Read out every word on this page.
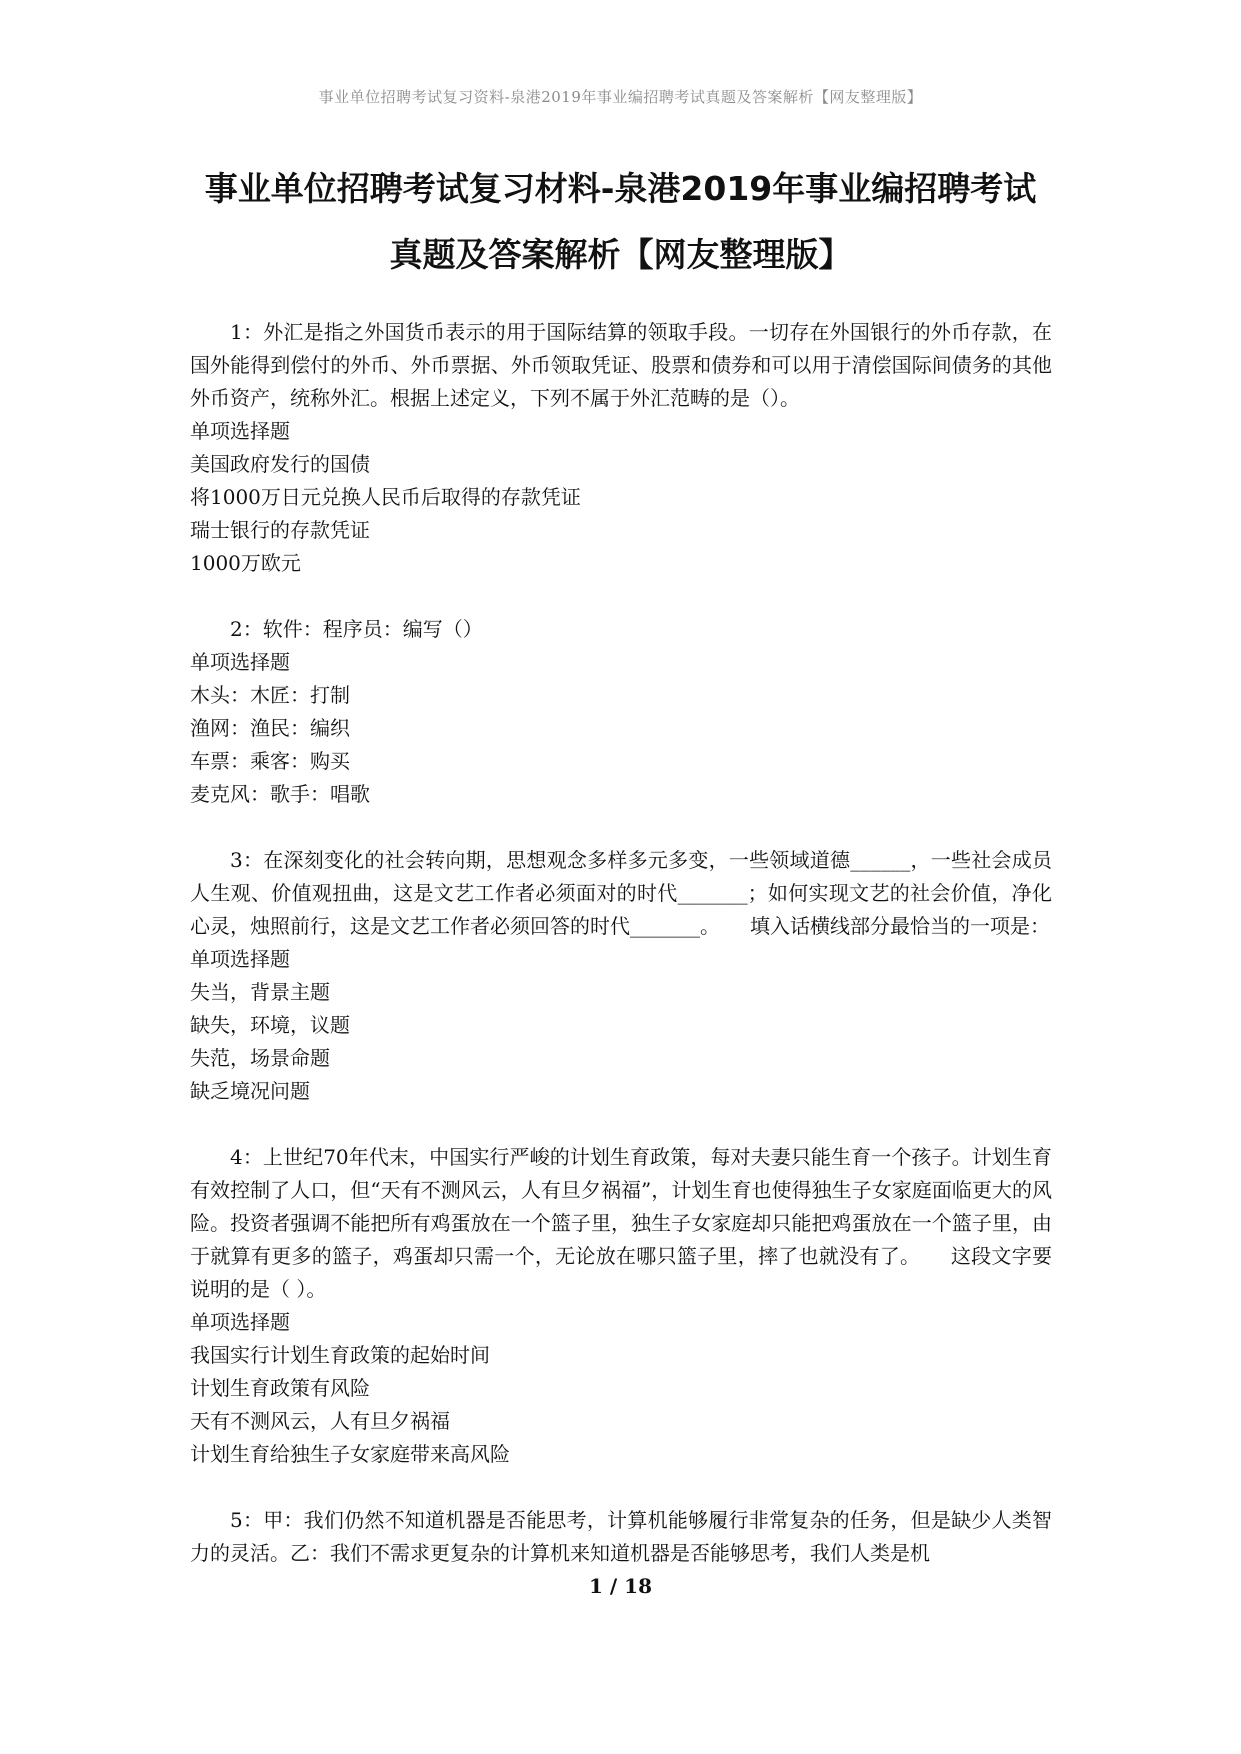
事业单位招聘考试复习资料-泉港2019年事业编招聘考试真题及答案解析【网友整理版】
事业单位招聘考试复习材料-泉港2019年事业编招聘考试
真题及答案解析【网友整理版】

1：外汇是指之外国货币表示的用于国际结算的领取手段。一切存在外国银行的外币存款，在国外能得到偿付的外币、外币票据、外币领取凭证、股票和债券和可以用于清偿国际间债务的其他外币资产，统称外汇。根据上述定义，下列不属于外汇范畴的是（）。

单项选择题

美国政府发行的国债

将1000万日元兑换人民币后取得的存款凭证

瑞士银行的存款凭证

1000万欧元

2：软件：程序员：编写（）

单项选择题

木头：木匠：打制

渔网：渔民：编织

车票：乘客：购买

麦克风：歌手：唱歌

3：在深刻变化的社会转向期，思想观念多样多元多变，一些领域道德______，一些社会成员人生观、价值观扭曲，这是文艺工作者必须面对的时代_______；如何实现文艺的社会价值，净化心灵，烛照前行，这是文艺工作者必须回答的时代_______。　　填入话横线部分最恰当的一项是：

单项选择题

失当，背景主题

缺失，环境，议题

失范，场景命题

缺乏境况问题

4：上世纪70年代末，中国实行严峻的计划生育政策，每对夫妻只能生育一个孩子。计划生育有效控制了人口，但“天有不测风云，人有旦夕祸福”，计划生育也使得独生子女家庭面临更大的风险。投资者强调不能把所有鸡蛋放在一个篮子里，独生子女家庭却只能把鸡蛋放在一个篮子里，由于就算有更多的篮子，鸡蛋却只需一个，无论放在哪只篮子里，摔了也就没有了。　　这段文字要说明的是（ ）。

单项选择题

我国实行计划生育政策的起始时间

计划生育政策有风险

天有不测风云，人有旦夕祸福

计划生育给独生子女家庭带来高风险

5：甲：我们仍然不知道机器是否能思考，计算机能够履行非常复杂的任务，但是缺少人类智力的灵活。乙：我们不需求更复杂的计算机来知道机器是否能够思考，我们人类是机

1 / 18
